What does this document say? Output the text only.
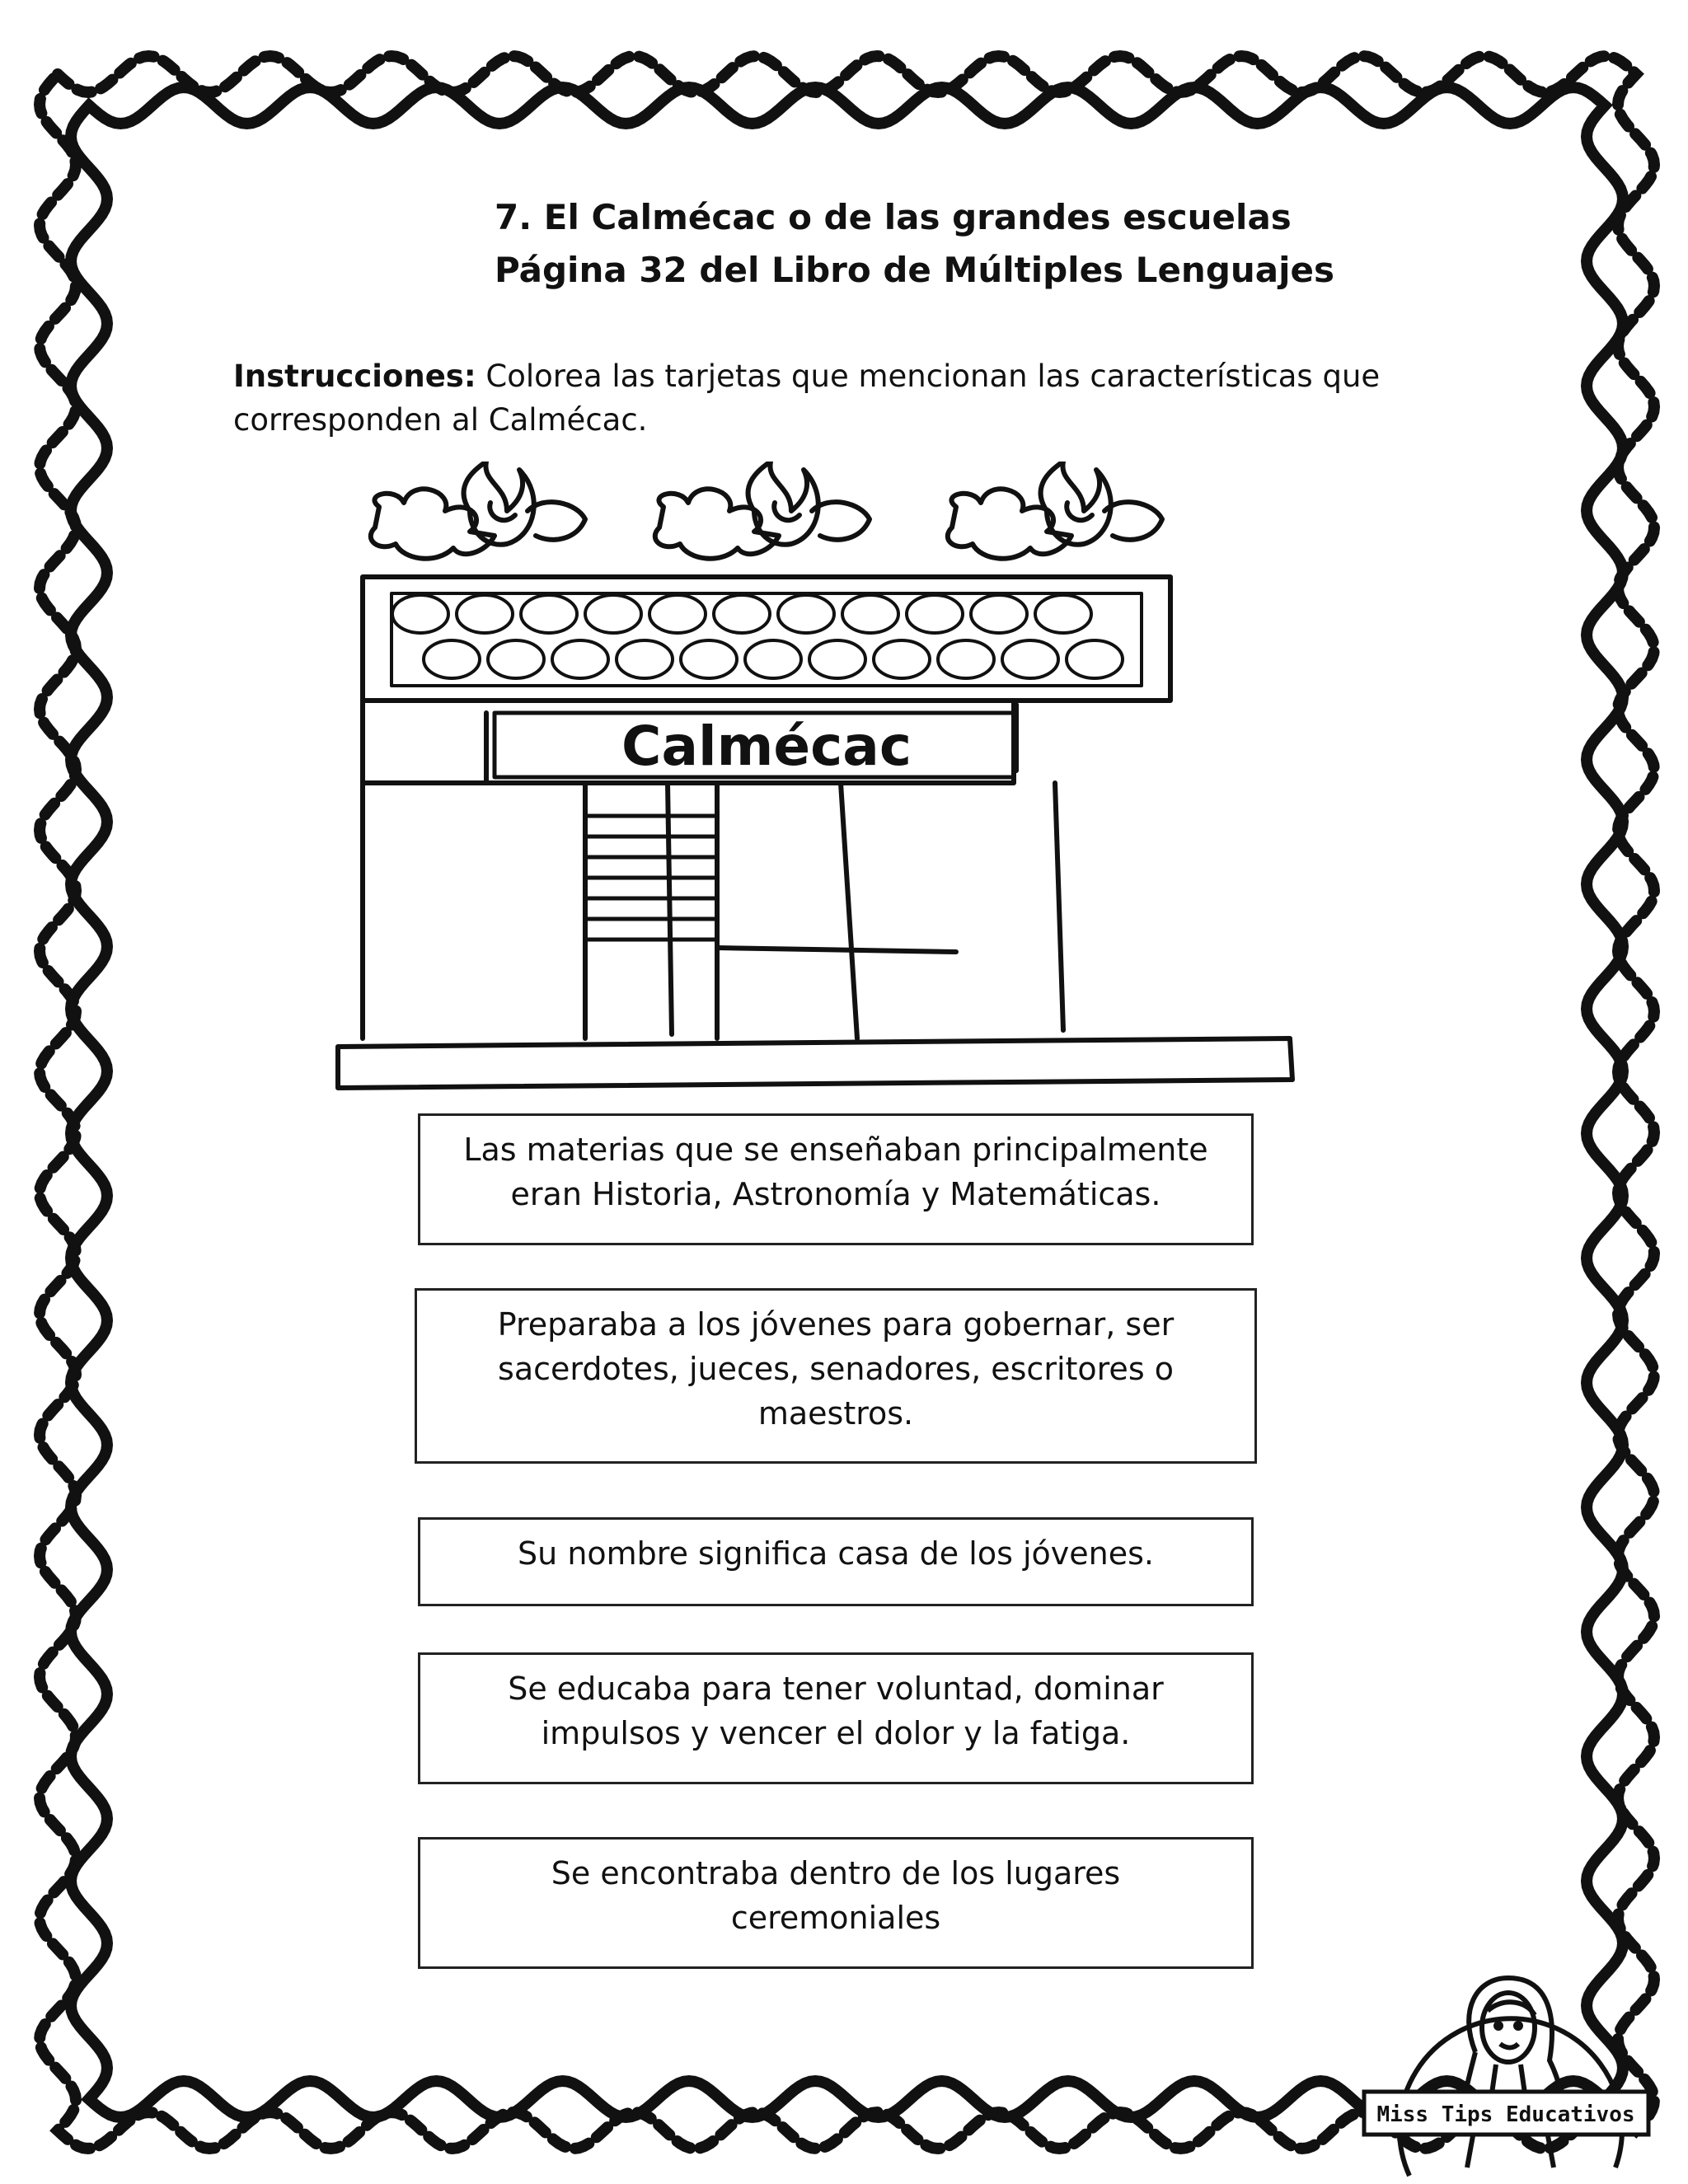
7. El Calmécac o de las grandes escuelas
Página 32 del Libro de Múltiples Lenguajes
Instrucciones: Colorea las tarjetas que mencionan las características que corresponden al Calmécac.
Calmécac
Las materias que se enseñaban principalmente eran Historia, Astronomía y Matemáticas.
Preparaba a los jóvenes para gobernar, ser sacerdotes, jueces, senadores, escritores o maestros.
Su nombre significa casa de los jóvenes.
Se educaba para tener voluntad, dominar impulsos y vencer el dolor y la fatiga.
Se encontraba dentro de los lugares ceremoniales
Miss Tips Educativos
